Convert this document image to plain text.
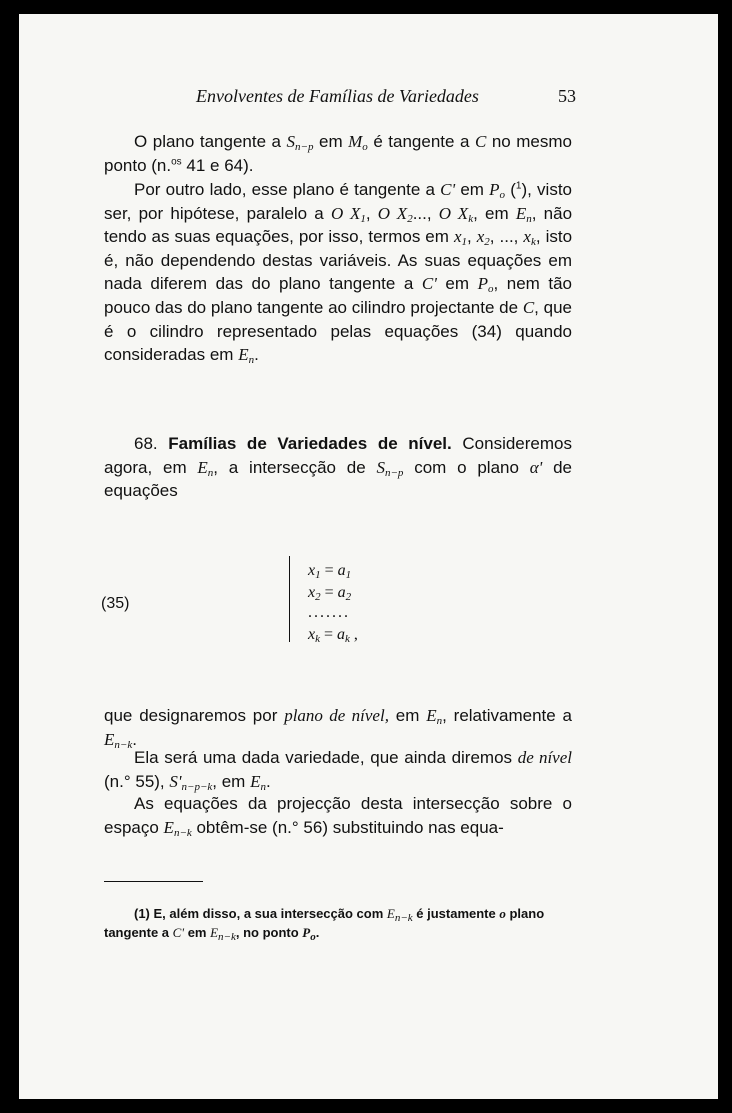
Envolventes de Famílias de Variedades	53
O plano tangente a $S_{n-p}$ em $M_o$ é tangente a C no mesmo ponto (n.$^{os}$ 41 e 64).
Por outro lado, esse plano é tangente a C' em $P_o$ ($^1$), visto ser, por hipótese, paralelo a O $X_1$, O $X_2$..., O $X_k$, em $E_n$, não tendo as suas equações, por isso, termos em $x_1$, $x_2$, ..., $x_k$, isto é, não dependendo destas variáveis. As suas equações em nada diferem das do plano tangente a C' em $P_o$, nem tão pouco das do plano tangente ao cilindro projectante de C, que é o cilindro representado pelas equações (34) quando consideradas em $E_n$.
68. Famílias de Variedades de nível. Consideremos agora, em $E_n$, a intersecção de $S_{n-p}$ com o plano α' de equações
(35)
$x_1 = a_1$
$x_2 = a_2$
.......
$x_k = a_k$ ,
que designaremos por plano de nível, em $E_n$, relativamente a $E_{n-k}$.
Ela será uma dada variedade, que ainda diremos de nível (n.° 55), $S'_{n-p-k}$, em $E_n$.
As equações da projecção desta intersecção sobre o espaço $E_{n-k}$ obtêm-se (n.° 56) substituindo nas equa-
(1) E, além disso, a sua intersecção com $E_{n-k}$ é justamente o plano tangente a C' em $E_{n-k}$, no ponto $P_o$.
